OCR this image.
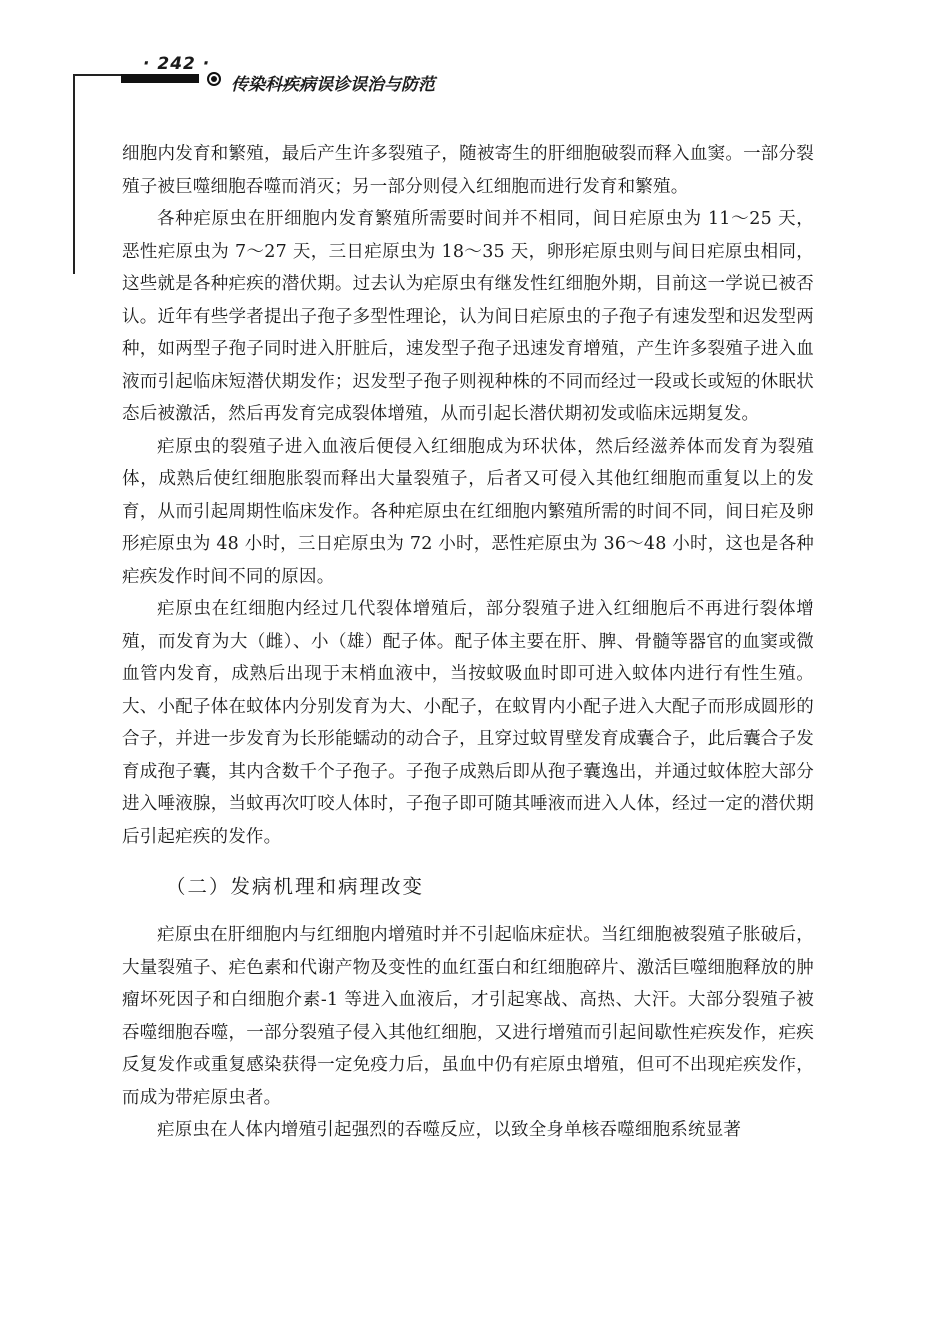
· 242 ·
传染科疾病误诊误治与防范

细胞内发育和繁殖，最后产生许多裂殖子，随被寄生的肝细胞破裂而释入血窦。一部分裂殖子被巨噬细胞吞噬而消灭；另一部分则侵入红细胞而进行发育和繁殖。

各种疟原虫在肝细胞内发育繁殖所需要时间并不相同，间日疟原虫为 11～25 天，恶性疟原虫为 7～27 天，三日疟原虫为 18～35 天，卵形疟原虫则与间日疟原虫相同，这些就是各种疟疾的潜伏期。过去认为疟原虫有继发性红细胞外期，目前这一学说已被否认。近年有些学者提出子孢子多型性理论，认为间日疟原虫的子孢子有速发型和迟发型两种，如两型子孢子同时进入肝脏后，速发型子孢子迅速发育增殖，产生许多裂殖子进入血液而引起临床短潜伏期发作；迟发型子孢子则视种株的不同而经过一段或长或短的休眠状态后被激活，然后再发育完成裂体增殖，从而引起长潜伏期初发或临床远期复发。

疟原虫的裂殖子进入血液后便侵入红细胞成为环状体，然后经滋养体而发育为裂殖体，成熟后使红细胞胀裂而释出大量裂殖子，后者又可侵入其他红细胞而重复以上的发育，从而引起周期性临床发作。各种疟原虫在红细胞内繁殖所需的时间不同，间日疟及卵形疟原虫为 48 小时，三日疟原虫为 72 小时，恶性疟原虫为 36～48 小时，这也是各种疟疾发作时间不同的原因。

疟原虫在红细胞内经过几代裂体增殖后，部分裂殖子进入红细胞后不再进行裂体增殖，而发育为大（雌）、小（雄）配子体。配子体主要在肝、脾、骨髓等器官的血窦或微血管内发育，成熟后出现于末梢血液中，当按蚊吸血时即可进入蚊体内进行有性生殖。大、小配子体在蚊体内分别发育为大、小配子，在蚊胃内小配子进入大配子而形成圆形的合子，并进一步发育为长形能蠕动的动合子，且穿过蚊胃壁发育成囊合子，此后囊合子发育成孢子囊，其内含数千个子孢子。子孢子成熟后即从孢子囊逸出，并通过蚊体腔大部分进入唾液腺，当蚊再次叮咬人体时，子孢子即可随其唾液而进入人体，经过一定的潜伏期后引起疟疾的发作。

（二）发病机理和病理改变

疟原虫在肝细胞内与红细胞内增殖时并不引起临床症状。当红细胞被裂殖子胀破后，大量裂殖子、疟色素和代谢产物及变性的血红蛋白和红细胞碎片、激活巨噬细胞释放的肿瘤坏死因子和白细胞介素-1 等进入血液后，才引起寒战、高热、大汗。大部分裂殖子被吞噬细胞吞噬，一部分裂殖子侵入其他红细胞，又进行增殖而引起间歇性疟疾发作，疟疾反复发作或重复感染获得一定免疫力后，虽血中仍有疟原虫增殖，但可不出现疟疾发作，而成为带疟原虫者。

疟原虫在人体内增殖引起强烈的吞噬反应，以致全身单核吞噬细胞系统显著
